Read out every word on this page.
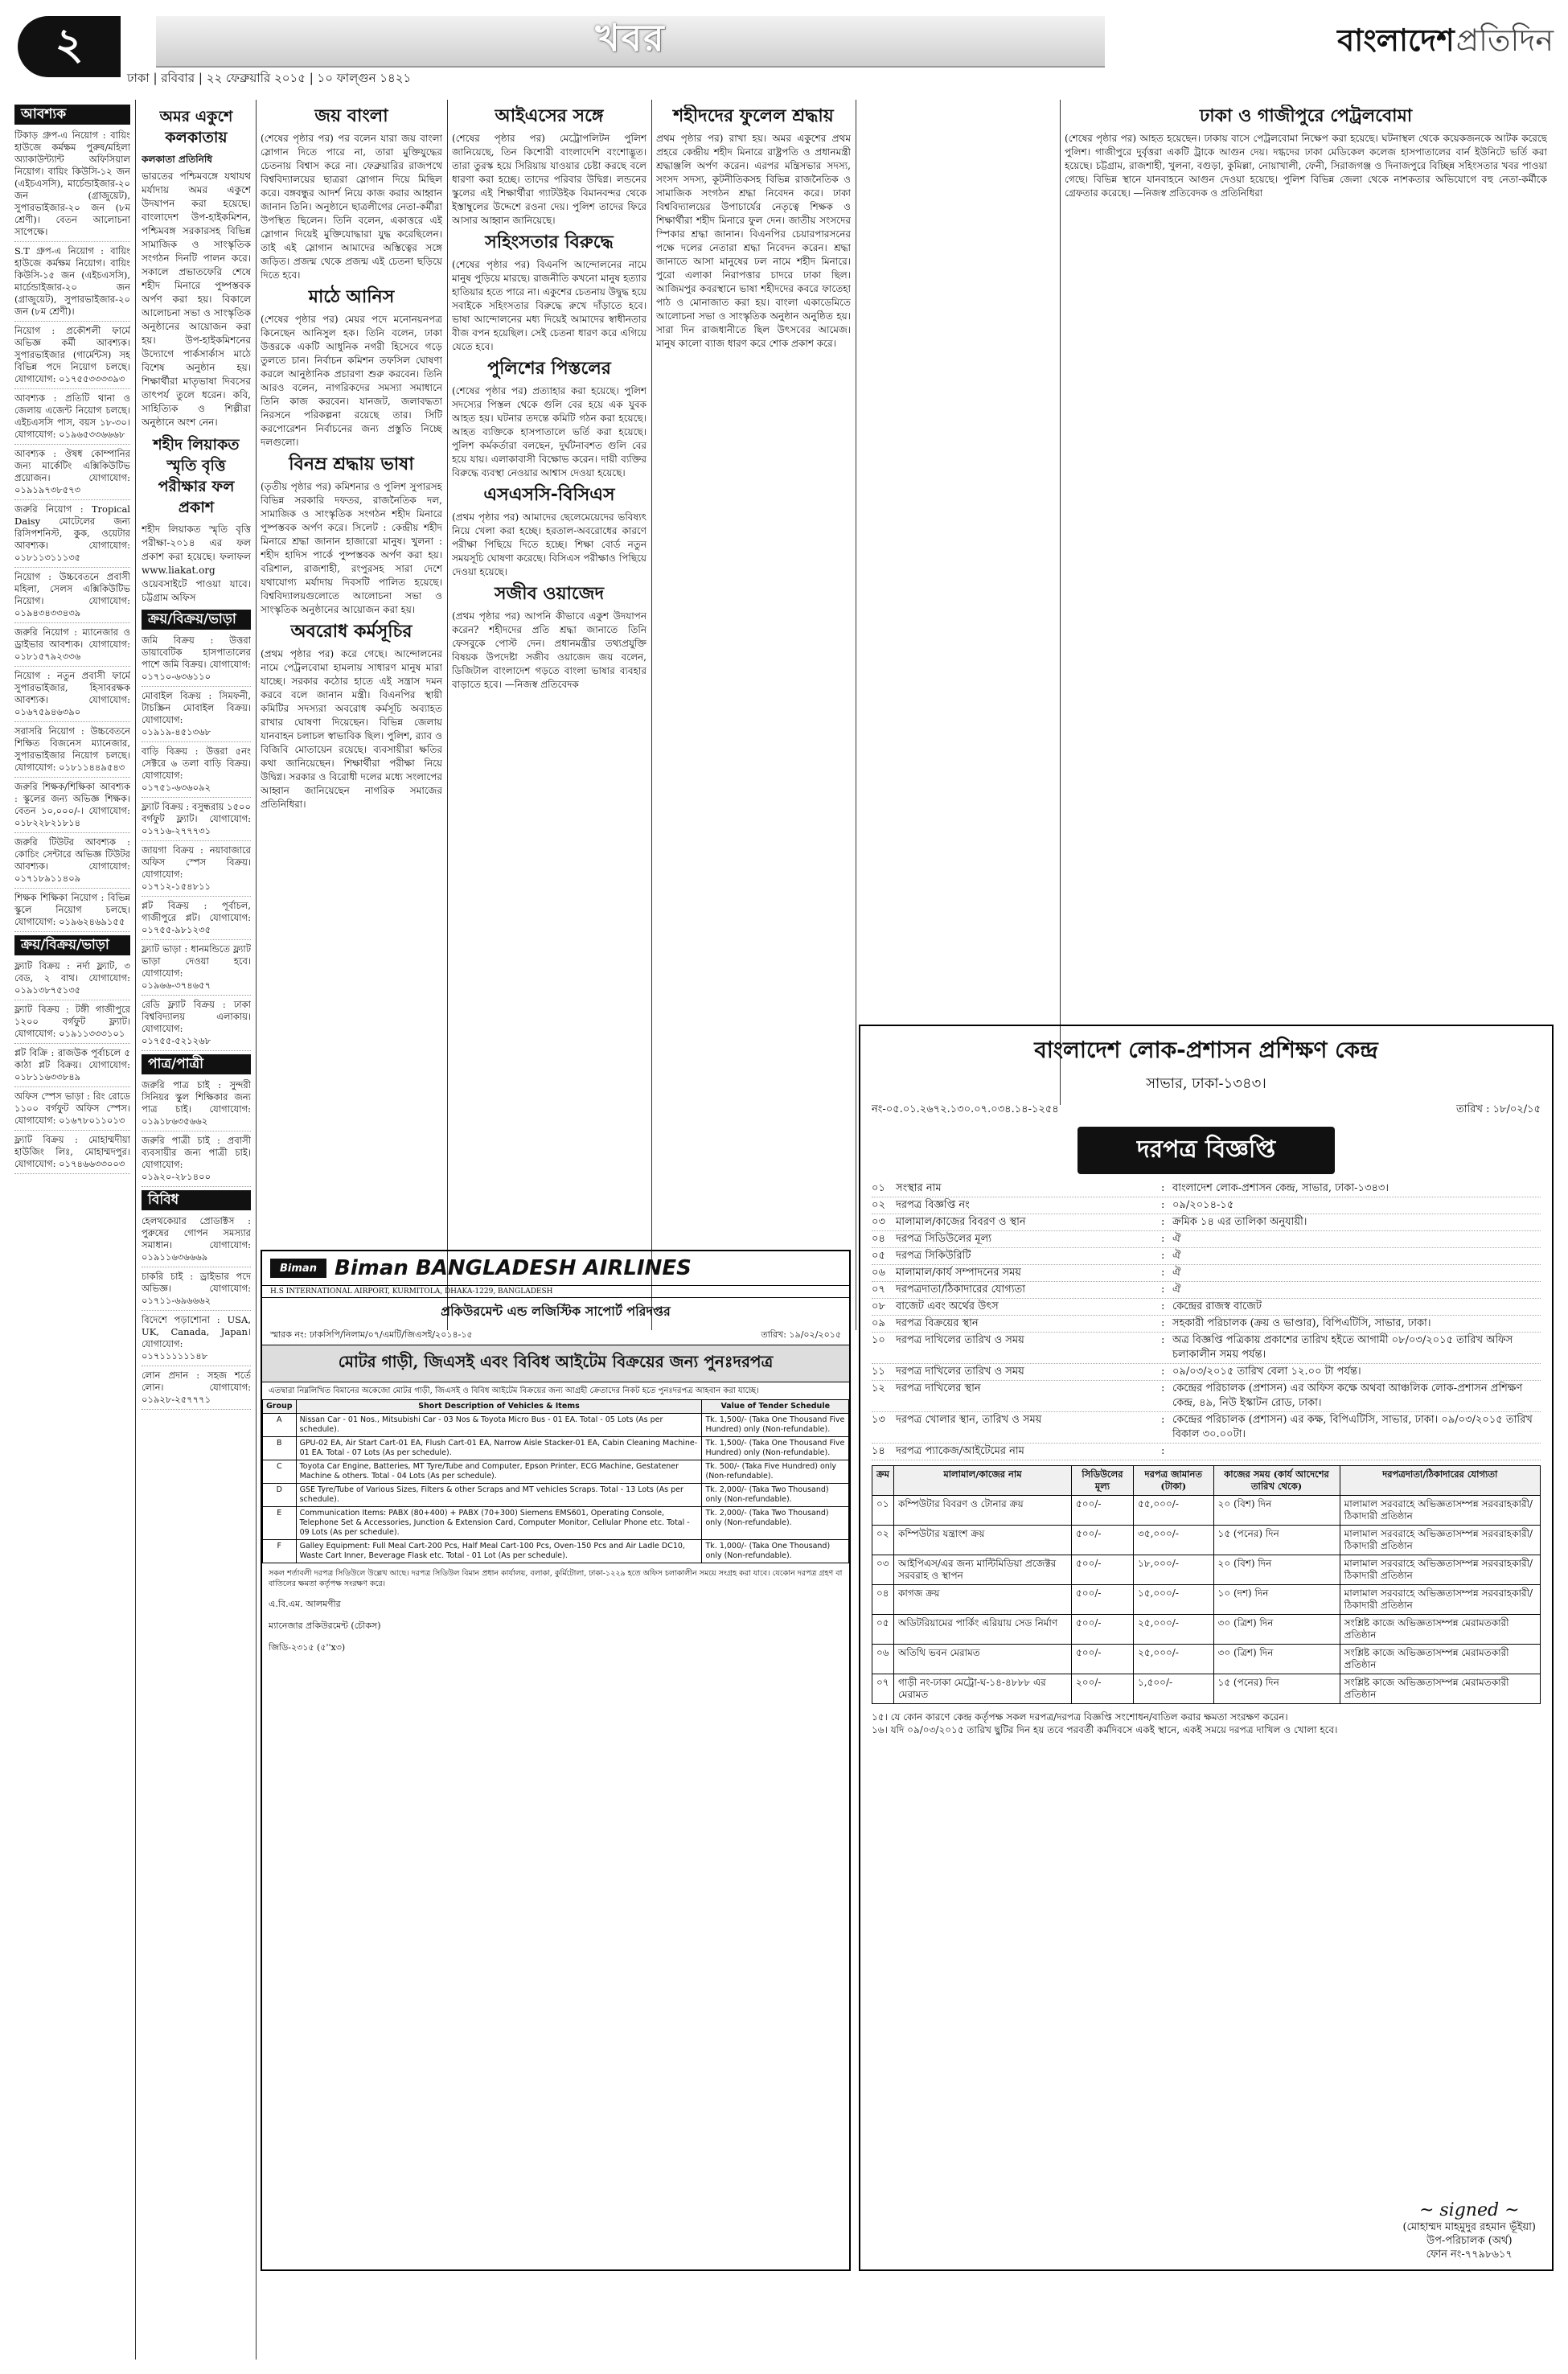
২	খবর	বাংলাদেশ প্রতিদিন
ঢাকা | রবিবার | ২২ ফেব্রুয়ারি ২০১৫ | ১০ ফাল্গুন ১৪২১
আবশ্যক

টিকাড় গ্রুপ-এ নিয়োগ : বায়িং হাউজে কর্মক্ষম পুরুষ/মহিলা অ্যাকাউন্ট্যান্ট অফিসিয়াল নিয়োগ। বায়িং কিউসি-১২ জন (এইচএসসি), মার্চেন্ডাইজার-২০ জন (গ্রাজুয়েট), সুপারভাইজার-২০ জন (৮ম শ্রেণী)। বেতন আলোচনা সাপেক্ষে।

S.T গ্রুপ-এ নিয়োগ : বায়িং হাউজে কর্মক্ষম নিয়োগ। বায়িং কিউসি-১৫ জন (এইচএসসি), মার্চেন্ডাইজার-২০ জন (গ্রাজুয়েট), সুপারভাইজার-২০ জন (৮ম শ্রেণী)।

নিয়োগ : প্রকৌশলী ফার্মে অভিজ্ঞ কর্মী আবশ্যক। সুপারভাইজার (গার্মেন্টস) সহ বিভিন্ন পদে নিয়োগ চলছে। যোগাযোগ: ০১৭৫৫৩৩৩৩৯৩

আবশ্যক : প্রতিটি থানা ও জেলায় এজেন্ট নিয়োগ চলছে। এইচএসসি পাস, বয়স ১৮-৩০। যোগাযোগ: ০১৯৬৫৩৩৬৬৬৮

আবশ্যক : ঔষধ কোম্পানির জন্য মার্কেটিং এক্সিকিউটিভ প্রয়োজন। যোগাযোগ: ০১৯১৯৭৩৮৫৭৩

জরুরি নিয়োগ : Tropical Daisy মোটেলের জন্য রিসিপশনিস্ট, কুক, ওয়েটার আবশ্যক। যোগাযোগ: ০১৮১১৩১১১৩৫

নিয়োগ : উচ্চবেতনে প্রবাসী মহিলা, সেলস এক্সিকিউটিভ নিয়োগ। যোগাযোগ: ০১৯৪৩৪৩৩৪৩৯

জরুরি নিয়োগ : ম্যানেজার ও ড্রাইভার আবশ্যক। যোগাযোগ: ০১৮১৫৭৯২৩৩৬

নিয়োগ : নতুন প্রবাসী ফার্মে সুপারভাইজার, হিসাবরক্ষক আবশ্যক। যোগাযোগ: ০১৬৭৫৯৪৬৩৯০

সরাসরি নিয়োগ : উচ্চবেতনে শিক্ষিত বিজনেস ম্যানেজার, সুপারভাইজার নিয়োগ চলছে। যোগাযোগ: ০১৮১১৪৪৯৫৪৩

জরুরি শিক্ষক/শিক্ষিকা আবশ্যক : স্কুলের জন্য অভিজ্ঞ শিক্ষক। বেতন ১০,০০০/-। যোগাযোগ: ০১৮২২৮২১৮১৪

জরুরি টিউটর আবশ্যক : কোচিং সেন্টারে অভিজ্ঞ টিউটর আবশ্যক। যোগাযোগ: ০১৭১৮৯১১৪০৯

শিক্ষক শিক্ষিকা নিয়োগ : বিভিন্ন স্কুলে নিয়োগ চলছে। যোগাযোগ: ০১৯৬২৪৬৯১৫৫

ক্রয়/বিক্রয়/ভাড়া

ফ্ল্যাট বিক্রয় : নর্দা ফ্ল্যাট, ৩ বেড, ২ বাথ। যোগাযোগ: ০১৯১৩৮৭৫১৩৫

ফ্ল্যাট বিক্রয় : টঙ্গী গাজীপুরে ১২০০ বর্গফুট ফ্ল্যাট। যোগাযোগ: ০১৯১১৩৩৩১০১

প্লট বিক্রি : রাজউক পূর্বাচলে ৫ কাঠা প্লট বিক্রয়। যোগাযোগ: ০১৮১১৬৩৩৮৪৯

অফিস স্পেস ভাড়া : রিং রোডে ১১০০ বর্গফুট অফিস স্পেস। যোগাযোগ: ০১৬৭৮০১১০১৩

ফ্ল্যাট বিক্রয় : মোহাম্মদীয়া হাউজিং লিঃ, মোহাম্মদপুর। যোগাযোগ: ০১৭৪৬৬৩৩০০৩

অমর একুশে কলকাতায়
কলকাতা প্রতিনিধি

ভারতের পশ্চিমবঙ্গে যথাযথ মর্যাদায় অমর একুশে উদযাপন করা হয়েছে। বাংলাদেশ উপ-হাইকমিশন, পশ্চিমবঙ্গ সরকারসহ বিভিন্ন সামাজিক ও সাংস্কৃতিক সংগঠন দিনটি পালন করে। সকালে প্রভাতফেরি শেষে শহীদ মিনারে পুষ্পস্তবক অর্পণ করা হয়। বিকালে আলোচনা সভা ও সাংস্কৃতিক অনুষ্ঠানের আয়োজন করা হয়। উপ-হাইকমিশনের উদ্যোগে পার্কসার্কাস মাঠে বিশেষ অনুষ্ঠান হয়। শিক্ষার্থীরা মাতৃভাষা দিবসের তাৎপর্য তুলে ধরেন। কবি, সাহিত্যিক ও শিল্পীরা অনুষ্ঠানে অংশ নেন।

শহীদ লিয়াকত স্মৃতি বৃত্তি পরীক্ষার ফল প্রকাশ

শহীদ লিয়াকত স্মৃতি বৃত্তি পরীক্ষা-২০১৪ এর ফল প্রকাশ করা হয়েছে। ফলাফল www.liakat.org ওয়েবসাইটে পাওয়া যাবে। চট্টগ্রাম অফিস

ক্রয়/বিক্রয়/ভাড়া

জমি বিক্রয় : উত্তরা ডায়াবেটিক হাসপাতালের পাশে জমি বিক্রয়। যোগাযোগ: ০১৭১০-৬৩৬১১০

মোবাইল বিক্রয় : সিমফনী, টাচস্ক্রিন মোবাইল বিক্রয়। যোগাযোগ: ০১৯১৯-৪৫১৩৬৮

বাড়ি বিক্রয় : উত্তরা ৫নং সেক্টরে ৬ তলা বাড়ি বিক্রয়। যোগাযোগ: ০১৭৫১-৬৩৬০৯২

ফ্ল্যাট বিক্রয় : বসুন্ধরায় ১৫০০ বর্গফুট ফ্ল্যাট। যোগাযোগ: ০১৭১৬-২৭৭৭৩১

জায়গা বিক্রয় : নয়াবাজারে অফিস স্পেস বিক্রয়। যোগাযোগ: ০১৭১২-১৫৪৮১১

প্লট বিক্রয় : পূর্বাচল, গাজীপুরে প্লট। যোগাযোগ: ০১৭৫৫-৯৮১২৩৫

ফ্ল্যাট ভাড়া : ধানমন্ডিতে ফ্ল্যাট ভাড়া দেওয়া হবে। যোগাযোগ: ০১৯৬৬-৩৭৪৬৫৭

রেডি ফ্ল্যাট বিক্রয় : ঢাকা বিশ্ববিদ্যালয় এলাকায়। যোগাযোগ: ০১৭৫৫-৫২১২৬৮

পাত্র/পাত্রী

জরুরি পাত্র চাই : সুন্দরী সিনিয়র স্কুল শিক্ষিকার জন্য পাত্র চাই। যোগাযোগ: ০১৯১৮৬৩৫৬৬২

জরুরি পাত্রী চাই : প্রবাসী ব্যবসায়ীর জন্য পাত্রী চাই। যোগাযোগ: ০১৯২০-২৮১৪০০

বিবিধ

হেলথকেয়ার প্রোডাক্টস : পুরুষের গোপন সমস্যার সমাধান। যোগাযোগ: ০১৯১১৬৩৬৬৬৯

চাকরি চাই : ড্রাইভার পদে অভিজ্ঞ। যোগাযোগ: ০১৭১১-৬৯৬৬৬২

বিদেশে পড়াশোনা : USA, UK, Canada, Japan। যোগাযোগ: ০১৭১১১১১১৪৮

লোন প্রদান : সহজ শর্তে লোন। যোগাযোগ: ০১৯২৮-২৫৭৭৭১

জয় বাংলা

(শেষের পৃষ্ঠার পর) পর বলেন যারা জয় বাংলা স্লোগান দিতে পারে না, তারা মুক্তিযুদ্ধের চেতনায় বিশ্বাস করে না। ফেব্রুয়ারির রাজপথে বিশ্ববিদ্যালয়ের ছাত্ররা স্লোগান দিয়ে মিছিল করে। বঙ্গবন্ধুর আদর্শ নিয়ে কাজ করার আহ্বান জানান তিনি। অনুষ্ঠানে ছাত্রলীগের নেতা-কর্মীরা উপস্থিত ছিলেন। তিনি বলেন, একাত্তরে এই স্লোগান দিয়েই মুক্তিযোদ্ধারা যুদ্ধ করেছিলেন। তাই এই স্লোগান আমাদের অস্তিত্বের সঙ্গে জড়িত। প্রজন্ম থেকে প্রজন্ম এই চেতনা ছড়িয়ে দিতে হবে।

মাঠে আনিস

(শেষের পৃষ্ঠার পর) মেয়র পদে মনোনয়নপত্র কিনেছেন আনিসুল হক। তিনি বলেন, ঢাকা উত্তরকে একটি আধুনিক নগরী হিসেবে গড়ে তুলতে চান। নির্বাচন কমিশন তফসিল ঘোষণা করলে আনুষ্ঠানিক প্রচারণা শুরু করবেন। তিনি আরও বলেন, নাগরিকদের সমস্যা সমাধানে তিনি কাজ করবেন। যানজট, জলাবদ্ধতা নিরসনে পরিকল্পনা রয়েছে তার। সিটি করপোরেশন নির্বাচনের জন্য প্রস্তুতি নিচ্ছে দলগুলো।

বিনম্র শ্রদ্ধায় ভাষা

(তৃতীয় পৃষ্ঠার পর) কমিশনার ও পুলিশ সুপারসহ বিভিন্ন সরকারি দফতর, রাজনৈতিক দল, সামাজিক ও সাংস্কৃতিক সংগঠন শহীদ মিনারে পুষ্পস্তবক অর্পণ করে। সিলেট : কেন্দ্রীয় শহীদ মিনারে শ্রদ্ধা জানান হাজারো মানুষ। খুলনা : শহীদ হাদিস পার্কে পুষ্পস্তবক অর্পণ করা হয়। বরিশাল, রাজশাহী, রংপুরসহ সারা দেশে যথাযোগ্য মর্যাদায় দিবসটি পালিত হয়েছে। বিশ্ববিদ্যালয়গুলোতে আলোচনা সভা ও সাংস্কৃতিক অনুষ্ঠানের আয়োজন করা হয়।

অবরোধ কর্মসূচির

(প্রথম পৃষ্ঠার পর) করে গেছে। আন্দোলনের নামে পেট্রলবোমা হামলায় সাধারণ মানুষ মারা যাচ্ছে। সরকার কঠোর হাতে এই সন্ত্রাস দমন করবে বলে জানান মন্ত্রী। বিএনপির স্থায়ী কমিটির সদস্যরা অবরোধ কর্মসূচি অব্যাহত রাখার ঘোষণা দিয়েছেন। বিভিন্ন জেলায় যানবাহন চলাচল স্বাভাবিক ছিল। পুলিশ, র‌্যাব ও বিজিবি মোতায়েন রয়েছে। ব্যবসায়ীরা ক্ষতির কথা জানিয়েছেন। শিক্ষার্থীরা পরীক্ষা নিয়ে উদ্বিগ্ন। সরকার ও বিরোধী দলের মধ্যে সংলাপের আহ্বান জানিয়েছেন নাগরিক সমাজের প্রতিনিধিরা।

আইএসের সঙ্গে

(শেষের পৃষ্ঠার পর) মেট্রোপলিটন পুলিশ জানিয়েছে, তিন কিশোরী বাংলাদেশি বংশোদ্ভূত। তারা তুরস্ক হয়ে সিরিয়ায় যাওয়ার চেষ্টা করছে বলে ধারণা করা হচ্ছে। তাদের পরিবার উদ্বিগ্ন। লন্ডনের স্কুলের এই শিক্ষার্থীরা গ্যাটউইক বিমানবন্দর থেকে ইস্তাম্বুলের উদ্দেশে রওনা দেয়। পুলিশ তাদের ফিরে আসার আহ্বান জানিয়েছে।

সহিংসতার বিরুদ্ধে

(শেষের পৃষ্ঠার পর) বিএনপি আন্দোলনের নামে মানুষ পুড়িয়ে মারছে। রাজনীতি কখনো মানুষ হত্যার হাতিয়ার হতে পারে না। একুশের চেতনায় উদ্বুদ্ধ হয়ে সবাইকে সহিংসতার বিরুদ্ধে রুখে দাঁড়াতে হবে। ভাষা আন্দোলনের মধ্য দিয়েই আমাদের স্বাধীনতার বীজ বপন হয়েছিল। সেই চেতনা ধারণ করে এগিয়ে যেতে হবে।

পুলিশের পিস্তলের

(শেষের পৃষ্ঠার পর) প্রত্যাহার করা হয়েছে। পুলিশ সদস্যের পিস্তল থেকে গুলি বের হয়ে এক যুবক আহত হয়। ঘটনার তদন্তে কমিটি গঠন করা হয়েছে। আহত ব্যক্তিকে হাসপাতালে ভর্তি করা হয়েছে। পুলিশ কর্মকর্তারা বলছেন, দুর্ঘটনাবশত গুলি বের হয়ে যায়। এলাকাবাসী বিক্ষোভ করেন। দায়ী ব্যক্তির বিরুদ্ধে ব্যবস্থা নেওয়ার আশ্বাস দেওয়া হয়েছে।

এসএসসি-বিসিএস

(প্রথম পৃষ্ঠার পর) আমাদের ছেলেমেয়েদের ভবিষ্যৎ নিয়ে খেলা করা হচ্ছে। হরতাল-অবরোধের কারণে পরীক্ষা পিছিয়ে দিতে হচ্ছে। শিক্ষা বোর্ড নতুন সময়সূচি ঘোষণা করেছে। বিসিএস পরীক্ষাও পিছিয়ে দেওয়া হয়েছে।

সজীব ওয়াজেদ

(প্রথম পৃষ্ঠার পর) আপনি কীভাবে একুশ উদযাপন করেন? শহীদদের প্রতি শ্রদ্ধা জানাতে তিনি ফেসবুকে পোস্ট দেন। প্রধানমন্ত্রীর তথ্যপ্রযুক্তি বিষয়ক উপদেষ্টা সজীব ওয়াজেদ জয় বলেন, ডিজিটাল বাংলাদেশ গড়তে বাংলা ভাষার ব্যবহার বাড়াতে হবে। —নিজস্ব প্রতিবেদক

শহীদদের ফুলেল শ্রদ্ধায়

প্রথম পৃষ্ঠার পর) রাখা হয়। অমর একুশের প্রথম প্রহরে কেন্দ্রীয় শহীদ মিনারে রাষ্ট্রপতি ও প্রধানমন্ত্রী শ্রদ্ধাঞ্জলি অর্পণ করেন। এরপর মন্ত্রিসভার সদস্য, সংসদ সদস্য, কূটনীতিকসহ বিভিন্ন রাজনৈতিক ও সামাজিক সংগঠন শ্রদ্ধা নিবেদন করে। ঢাকা বিশ্ববিদ্যালয়ের উপাচার্যের নেতৃত্বে শিক্ষক ও শিক্ষার্থীরা শহীদ মিনারে ফুল দেন। জাতীয় সংসদের স্পিকার শ্রদ্ধা জানান। বিএনপির চেয়ারপারসনের পক্ষে দলের নেতারা শ্রদ্ধা নিবেদন করেন। শ্রদ্ধা জানাতে আসা মানুষের ঢল নামে শহীদ মিনারে। পুরো এলাকা নিরাপত্তার চাদরে ঢাকা ছিল। আজিমপুর কবরস্থানে ভাষা শহীদদের কবরে ফাতেহা পাঠ ও মোনাজাত করা হয়। বাংলা একাডেমিতে আলোচনা সভা ও সাংস্কৃতিক অনুষ্ঠান অনুষ্ঠিত হয়। সারা দিন রাজধানীতে ছিল উৎসবের আমেজ। মানুষ কালো ব্যাজ ধারণ করে শোক প্রকাশ করে।

ঢাকা ও গাজীপুরে পেট্রলবোমা

(শেষের পৃষ্ঠার পর) আহত হয়েছেন। ঢাকায় বাসে পেট্রলবোমা নিক্ষেপ করা হয়েছে। ঘটনাস্থল থেকে কয়েকজনকে আটক করেছে পুলিশ। গাজীপুরে দুর্বৃত্তরা একটি ট্রাকে আগুন দেয়। দগ্ধদের ঢাকা মেডিকেল কলেজ হাসপাতালের বার্ন ইউনিটে ভর্তি করা হয়েছে। চট্টগ্রাম, রাজশাহী, খুলনা, বগুড়া, কুমিল্লা, নোয়াখালী, ফেনী, সিরাজগঞ্জ ও দিনাজপুরে বিচ্ছিন্ন সহিংসতার খবর পাওয়া গেছে। বিভিন্ন স্থানে যানবাহনে আগুন দেওয়া হয়েছে। পুলিশ বিভিন্ন জেলা থেকে নাশকতার অভিযোগে বহু নেতা-কর্মীকে গ্রেফতার করেছে। —নিজস্ব প্রতিবেদক ও প্রতিনিধিরা

Biman Biman BANGLADESH AIRLINES
H.S INTERNATIONAL AIRPORT, KURMITOLA, DHAKA-1229, BANGLADESH
প্রকিউরমেন্ট এন্ড লজিস্টিক সাপোর্ট পরিদপ্তর
স্মারক নং: ঢাকসিপি/নিলাম/০৭/এমটি/জিএসই/২০১৪-১৫	তারিখ: ১৯/০২/২০১৫
মোটর গাড়ী, জিএসই এবং বিবিধ আইটেম বিক্রয়ের জন্য পুনঃদরপত্র
এতদ্বারা নিম্নলিখিত বিমানের অকেজো মোটর গাড়ী, জিএসই ও বিবিধ আইটেম বিক্রয়ের জন্য আগ্রহী ক্রেতাদের নিকট হতে পুনঃদরপত্র আহবান করা যাচ্ছে।
Group	Short Description of Vehicles & Items	Value of Tender Schedule
A	Nissan Car - 01 Nos., Mitsubishi Car - 03 Nos & Toyota Micro Bus - 01 EA. Total - 05 Lots (As per schedule).	Tk. 1,500/- (Taka One Thousand Five Hundred) only (Non-refundable).
B	GPU-02 EA, Air Start Cart-01 EA, Flush Cart-01 EA, Narrow Aisle Stacker-01 EA, Cabin Cleaning Machine-01 EA. Total - 07 Lots (As per schedule).	Tk. 1,500/- (Taka One Thousand Five Hundred) only (Non-refundable).
C	Toyota Car Engine, Batteries, MT Tyre/Tube and Computer, Epson Printer, ECG Machine, Gestatener Machine & others. Total - 04 Lots (As per schedule).	Tk. 500/- (Taka Five Hundred) only (Non-refundable).
D	GSE Tyre/Tube of Various Sizes, Filters & other Scraps and MT vehicles Scraps. Total - 13 Lots (As per schedule).	Tk. 2,000/- (Taka Two Thousand) only (Non-refundable).
E	Communication Items: PABX (80+400) + PABX (70+300) Siemens EMS601, Operating Console, Telephone Set & Accessories, Junction & Extension Card, Computer Monitor, Cellular Phone etc. Total - 09 Lots (As per schedule).	Tk. 2,000/- (Taka Two Thousand) only (Non-refundable).
F	Galley Equipment: Full Meal Cart-200 Pcs, Half Meal Cart-100 Pcs, Oven-150 Pcs and Air Ladle DC10, Waste Cart Inner, Beverage Flask etc. Total - 01 Lot (As per schedule).	Tk. 1,000/- (Taka One Thousand) only (Non-refundable).
সকল শর্তাবলী দরপত্র সিডিউলে উল্লেখ আছে। দরপত্র সিডিউল বিমান প্রধান কার্যালয়, বলাকা, কুর্মিটোলা, ঢাকা-১২২৯ হতে অফিস চলাকালীন সময়ে সংগ্রহ করা যাবে। যেকোন দরপত্র গ্রহণ বা বাতিলের ক্ষমতা কর্তৃপক্ষ সংরক্ষণ করে।
এ.বি.এম. আলমগীর
ম্যানেজার প্রকিউরমেন্ট (চৌকস)
জিডি-২৩১৫ (৫''x৩)
বাংলাদেশ লোক-প্রশাসন প্রশিক্ষণ কেন্দ্র
সাভার, ঢাকা-১৩৪৩।
নং-০৫.০১.২৬৭২.১৩০.০৭.০৩৪.১৪-১২৫৪	তারিখ : ১৮/০২/১৫
দরপত্র বিজ্ঞপ্তি
০১	সংস্থার নাম	: বাংলাদেশ লোক-প্রশাসন কেন্দ্র, সাভার, ঢাকা-১৩৪৩।
০২	দরপত্র বিজ্ঞপ্তি নং	: ০৯/২০১৪-১৫
০৩	মালামাল/কাজের বিবরণ ও স্থান	: ক্রমিক ১৪ এর তালিকা অনুযায়ী।
০৪	দরপত্র সিডিউলের মূল্য	: ঐ
০৫	দরপত্র সিকিউরিটি	: ঐ
০৬	মালামাল/কার্য সম্পাদনের সময়	: ঐ
০৭	দরপত্রদাতা/ঠিকাদারের যোগ্যতা	: ঐ
০৮	বাজেট এবং অর্থের উৎস	: কেন্দ্রের রাজস্ব বাজেট
০৯	দরপত্র বিক্রয়ের স্থান	: সহকারী পরিচালক (ক্রয় ও ভাণ্ডার), বিপিএটিসি, সাভার, ঢাকা।
১০	দরপত্র দাখিলের তারিখ ও সময়	: অত্র বিজ্ঞপ্তি পত্রিকায় প্রকাশের তারিখ হইতে আগামী ০৮/০৩/২০১৫ তারিখ অফিস চলাকালীন সময় পর্যন্ত।
১১	দরপত্র দাখিলের তারিখ ও সময়	: ০৯/০৩/২০১৫ তারিখ বেলা ১২.০০ টা পর্যন্ত।
১২	দরপত্র দাখিলের স্থান	: কেন্দ্রের পরিচালক (প্রশাসন) এর অফিস কক্ষে অথবা আঞ্চলিক লোক-প্রশাসন প্রশিক্ষণ কেন্দ্র, ৪৯, নিউ ইস্কাটন রোড, ঢাকা।
১৩	দরপত্র খোলার স্থান, তারিখ ও সময়	: কেন্দ্রের পরিচালক (প্রশাসন) এর কক্ষ, বিপিএটিসি, সাভার, ঢাকা। ০৯/০৩/২০১৫ তারিখ বিকাল ৩০.০০টা।
১৪	দরপত্র প্যাকেজ/আইটেমের নাম	:
ক্রম	মালামাল/কাজের নাম	সিডিউলের মূল্য	দরপত্র জামানত (টাকা)	কাজের সময় (কার্য আদেশের তারিখ থেকে)	দরপত্রদাতা/ঠিকাদারের যোগ্যতা
০১	কম্পিউটার বিবরণ ও টোনার ক্রয়	৫০০/-	৫৫,০০০/-	২০ (বিশ) দিন	মালামাল সরবরাহে অভিজ্ঞতাসম্পন্ন সরবরাহকারী/ঠিকাদারী প্রতিষ্ঠান
০২	কম্পিউটার যন্ত্রাংশ ক্রয়	৫০০/-	৩৫,০০০/-	১৫ (পনের) দিন	মালামাল সরবরাহে অভিজ্ঞতাসম্পন্ন সরবরাহকারী/ঠিকাদারী প্রতিষ্ঠান
০৩	আইপিএস/এর জন্য মাল্টিমিডিয়া প্রজেক্টর সরবরাহ ও স্থাপন	৫০০/-	১৮,০০০/-	২০ (বিশ) দিন	মালামাল সরবরাহে অভিজ্ঞতাসম্পন্ন সরবরাহকারী/ঠিকাদারী প্রতিষ্ঠান
০৪	কাগজ ক্রয়	৫০০/-	১৫,০০০/-	১০ (দশ) দিন	মালামাল সরবরাহে অভিজ্ঞতাসম্পন্ন সরবরাহকারী/ঠিকাদারী প্রতিষ্ঠান
০৫	অডিটরিয়ামের পার্কিং এরিয়ায় সেড নির্মাণ	৫০০/-	২৫,০০০/-	৩০ (ত্রিশ) দিন	সংশ্লিষ্ট কাজে অভিজ্ঞতাসম্পন্ন মেরামতকারী প্রতিষ্ঠান
০৬	অতিথি ভবন মেরামত	৫০০/-	২৫,০০০/-	৩০ (ত্রিশ) দিন	সংশ্লিষ্ট কাজে অভিজ্ঞতাসম্পন্ন মেরামতকারী প্রতিষ্ঠান
০৭	গাড়ী নং-ঢাকা মেট্রো-ঘ-১৪-৪৮৮৮ এর মেরামত	২০০/-	১,৫০০/-	১৫ (পনের) দিন	সংশ্লিষ্ট কাজে অভিজ্ঞতাসম্পন্ন মেরামতকারী প্রতিষ্ঠান
১৫। যে কোন কারণে কেন্দ্র কর্তৃপক্ষ সকল দরপত্র/দরপত্র বিজ্ঞপ্তি সংশোধন/বাতিল করার ক্ষমতা সংরক্ষণ করেন।
১৬। যদি ০৯/০৩/২০১৫ তারিখ ছুটির দিন হয় তবে পরবর্তী কর্মদিবসে একই স্থানে, একই সময়ে দরপত্র দাখিল ও খোলা হবে।
~ signed ~
(মোহাম্মদ মাহমুদুর রহমান ভূঁইয়া)
উপ-পরিচালক (অর্থ)
ফোন নং-৭৭৯৮৬১৭
